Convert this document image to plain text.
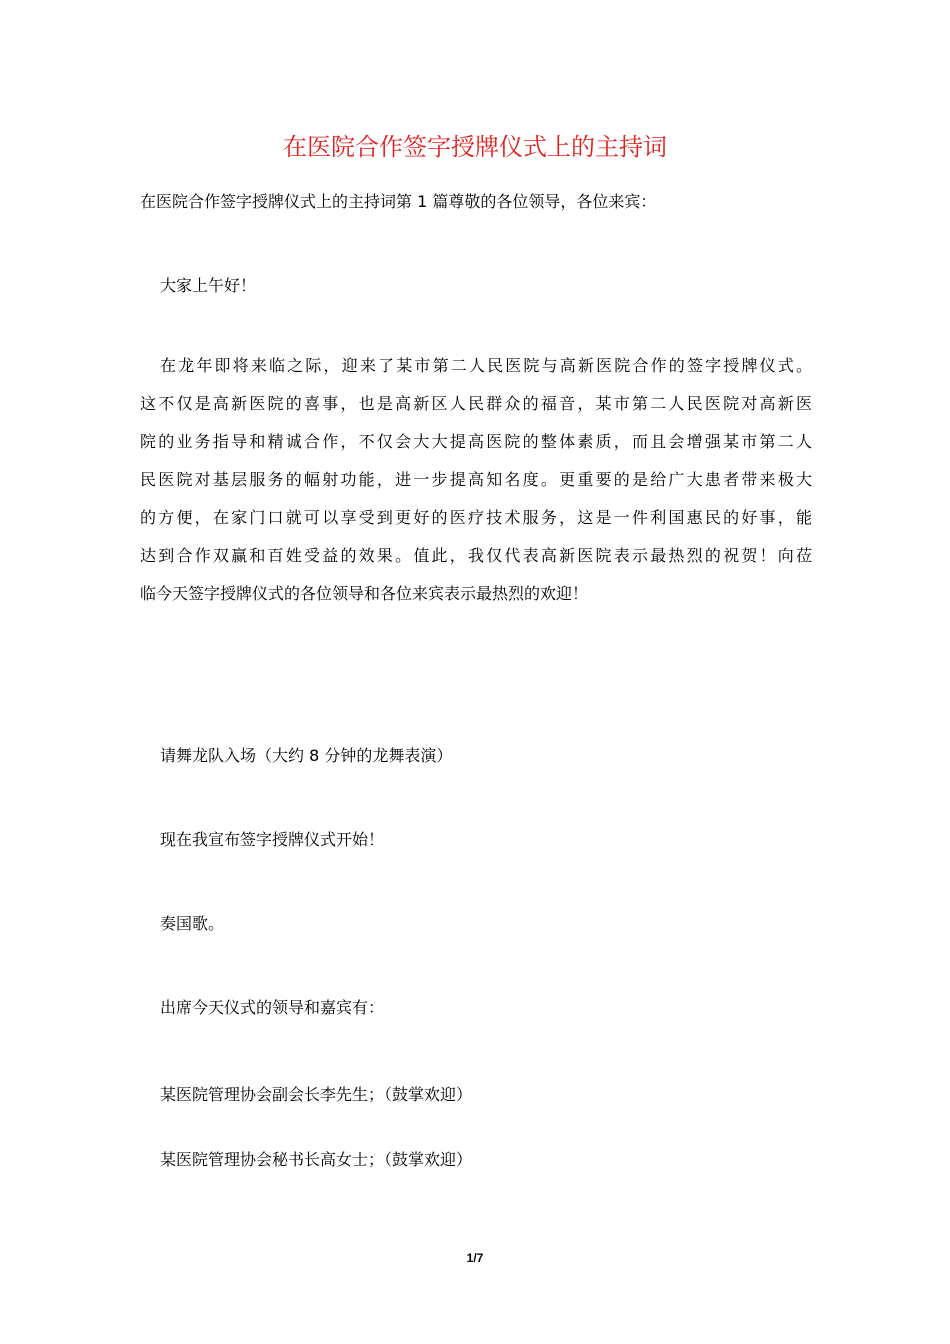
在医院合作签字授牌仪式上的主持词

在医院合作签字授牌仪式上的主持词第 1 篇尊敬的各位领导，各位来宾：

大家上午好！

在龙年即将来临之际，迎来了某市第二人民医院与高新医院合作的签字授牌仪式。
这不仅是高新医院的喜事，也是高新区人民群众的福音，某市第二人民医院对高新医
院的业务指导和精诚合作，不仅会大大提高医院的整体素质，而且会增强某市第二人
民医院对基层服务的幅射功能，进一步提高知名度。更重要的是给广大患者带来极大
的方便，在家门口就可以享受到更好的医疗技术服务，这是一件利国惠民的好事，能
达到合作双赢和百姓受益的效果。值此，我仅代表高新医院表示最热烈的祝贺！向莅
临今天签字授牌仪式的各位领导和各位来宾表示最热烈的欢迎！

请舞龙队入场（大约 8 分钟的龙舞表演）

现在我宣布签字授牌仪式开始！

奏国歌。

出席今天仪式的领导和嘉宾有：

某医院管理协会副会长李先生；（鼓掌欢迎）

某医院管理协会秘书长高女士；（鼓掌欢迎）

1/7
